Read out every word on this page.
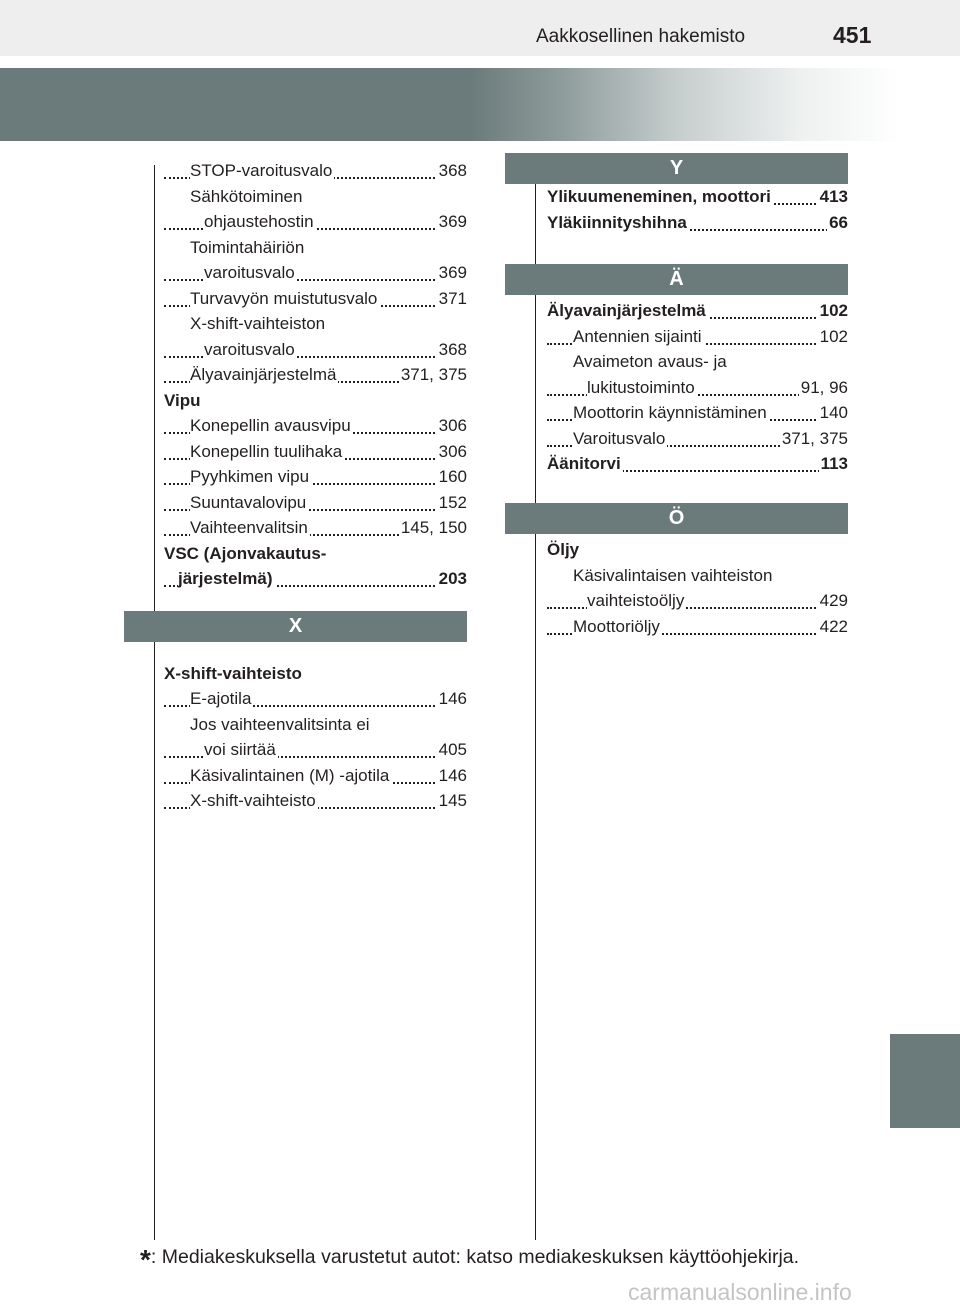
Aakkosellinen hakemisto	451
STOP-varoitusvalo	368
Sähkötoiminen
ohjaustehostin	369
Toimintahäiriön
varoitusvalo	369
Turvavyön muistutusvalo	371
X-shift-vaihteiston
varoitusvalo	368
Älyavainjärjestelmä	371, 375
Vipu
Konepellin avausvipu	306
Konepellin tuulihaka	306
Pyyhkimen vipu	160
Suuntavalovipu	152
Vaihteenvalitsin	145, 150
VSC (Ajonvakautus-
järjestelmä)	203
X
X-shift-vaihteisto
E-ajotila	146
Jos vaihteenvalitsinta ei
voi siirtää	405
Käsivalintainen (M) -ajotila	146
X-shift-vaihteisto	145
Y
Ylikuumeneminen, moottori	413
Yläkiinnityshihna	66
Ä
Älyavainjärjestelmä	102
Antennien sijainti	102
Avaimeton avaus- ja
lukitustoiminto	91, 96
Moottorin käynnistäminen	140
Varoitusvalo	371, 375
Äänitorvi	113
Ö
Öljy
Käsivalintaisen vaihteiston
vaihteistoöljy	429
Moottoriöljy	422
*: Mediakeskuksella varustetut autot: katso mediakeskuksen käyttöohjekirja.
carmanualsonline.info
